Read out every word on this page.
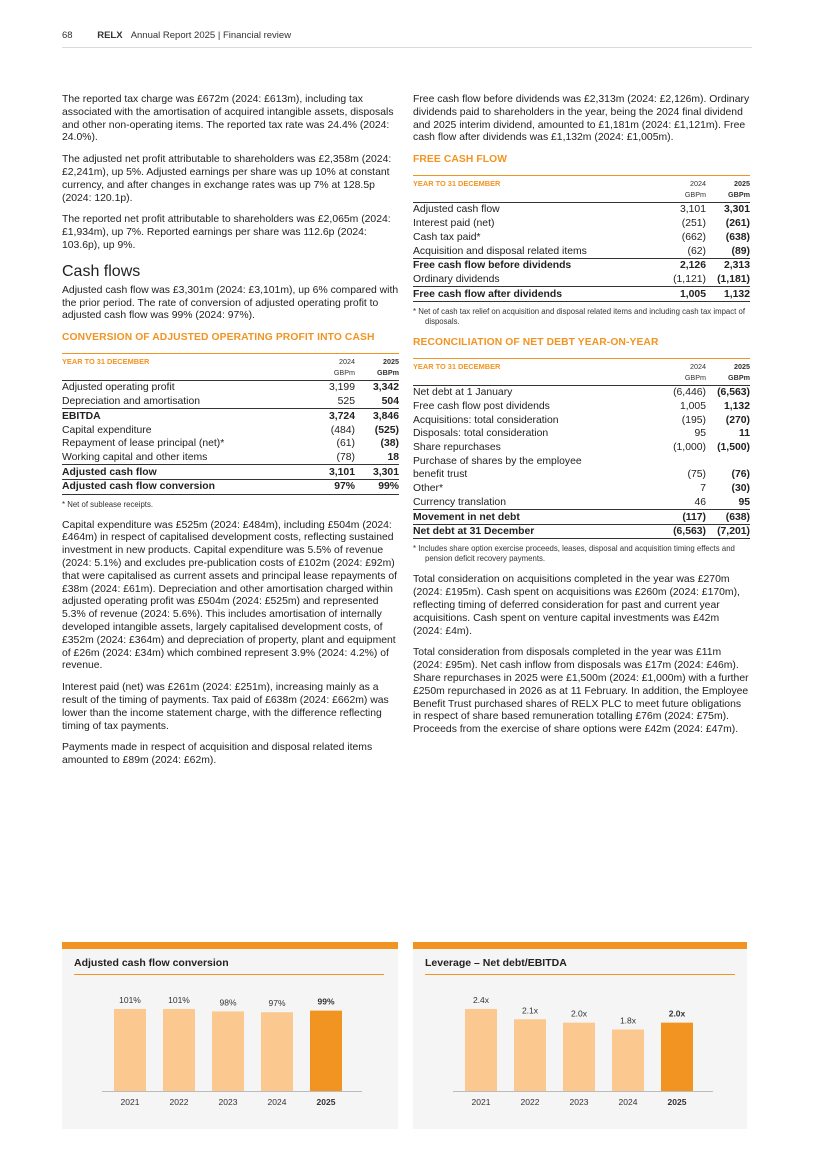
68	RELX Annual Report 2025 | Financial review

The reported tax charge was £672m (2024: £613m), including tax associated with the amortisation of acquired intangible assets, disposals and other non-operating items. The reported tax rate was 24.4% (2024: 24.0%).

The adjusted net profit attributable to shareholders was £2,358m (2024: £2,241m), up 5%. Adjusted earnings per share was up 10% at constant currency, and after changes in exchange rates was up 7% at 128.5p (2024: 120.1p).

The reported net profit attributable to shareholders was £2,065m (2024: £1,934m), up 7%. Reported earnings per share was 112.6p (2024: 103.6p), up 9%.

Cash flows

Adjusted cash flow was £3,301m (2024: £3,101m), up 6% compared with the prior period. The rate of conversion of adjusted operating profit to adjusted cash flow was 99% (2024: 97%).

CONVERSION OF ADJUSTED OPERATING PROFIT INTO CASH
YEAR TO 31 DECEMBER	2024	2025
	GBPm	GBPm
Adjusted operating profit	3,199	3,342
Depreciation and amortisation	525	504
EBITDA	3,724	3,846
Capital expenditure	(484)	(525)
Repayment of lease principal (net)*	(61)	(38)
Working capital and other items	(78)	18
Adjusted cash flow	3,101	3,301
Adjusted cash flow conversion	97%	99%
* Net of sublease receipts.

Capital expenditure was £525m (2024: £484m), including £504m (2024: £464m) in respect of capitalised development costs, reflecting sustained investment in new products. Capital expenditure was 5.5% of revenue (2024: 5.1%) and excludes pre-publication costs of £102m (2024: £92m) that were capitalised as current assets and principal lease repayments of £38m (2024: £61m). Depreciation and other amortisation charged within adjusted operating profit was £504m (2024: £525m) and represented 5.3% of revenue (2024: 5.6%). This includes amortisation of internally developed intangible assets, largely capitalised development costs, of £352m (2024: £364m) and depreciation of property, plant and equipment of £26m (2024: £34m) which combined represent 3.9% (2024: 4.2%) of revenue.

Interest paid (net) was £261m (2024: £251m), increasing mainly as a result of the timing of payments. Tax paid of £638m (2024: £662m) was lower than the income statement charge, with the difference reflecting timing of tax payments.

Payments made in respect of acquisition and disposal related items amounted to £89m (2024: £62m).

Free cash flow before dividends was £2,313m (2024: £2,126m). Ordinary dividends paid to shareholders in the year, being the 2024 final dividend and 2025 interim dividend, amounted to £1,181m (2024: £1,121m). Free cash flow after dividends was £1,132m (2024: £1,005m).

FREE CASH FLOW
YEAR TO 31 DECEMBER	2024	2025
	GBPm	GBPm
Adjusted cash flow	3,101	3,301
Interest paid (net)	(251)	(261)
Cash tax paid*	(662)	(638)
Acquisition and disposal related items	(62)	(89)
Free cash flow before dividends	2,126	2,313
Ordinary dividends	(1,121)	(1,181)
Free cash flow after dividends	1,005	1,132
* Net of cash tax relief on acquisition and disposal related items and including cash tax impact of disposals.
RECONCILIATION OF NET DEBT YEAR-ON-YEAR
YEAR TO 31 DECEMBER	2024	2025
	GBPm	GBPm
Net debt at 1 January	(6,446)	(6,563)
Free cash flow post dividends	1,005	1,132
Acquisitions: total consideration	(195)	(270)
Disposals: total consideration	95	11
Share repurchases	(1,000)	(1,500)
Purchase of shares by the employee		
benefit trust	(75)	(76)
Other*	7	(30)
Currency translation	46	95
Movement in net debt	(117)	(638)
Net debt at 31 December	(6,563)	(7,201)
* Includes share option exercise proceeds, leases, disposal and acquisition timing effects and pension deficit recovery payments.

Total consideration on acquisitions completed in the year was £270m (2024: £195m). Cash spent on acquisitions was £260m (2024: £170m), reflecting timing of deferred consideration for past and current year acquisitions. Cash spent on venture capital investments was £42m (2024: £4m).

Total consideration from disposals completed in the year was £11m (2024: £95m). Net cash inflow from disposals was £17m (2024: £46m). Share repurchases in 2025 were £1,500m (2024: £1,000m) with a further £250m repurchased in 2026 as at 11 February. In addition, the Employee Benefit Trust purchased shares of RELX PLC to meet future obligations in respect of share based remuneration totalling £76m (2024: £75m). Proceeds from the exercise of share options were £42m (2024: £47m).

Adjusted cash flow conversion
101%
2021
101%
2022
98%
2023
97%
2024
99%
2025
Leverage – Net debt/EBITDA
2.4x
2021
2.1x
2022
2.0x
2023
1.8x
2024
2.0x
2025
